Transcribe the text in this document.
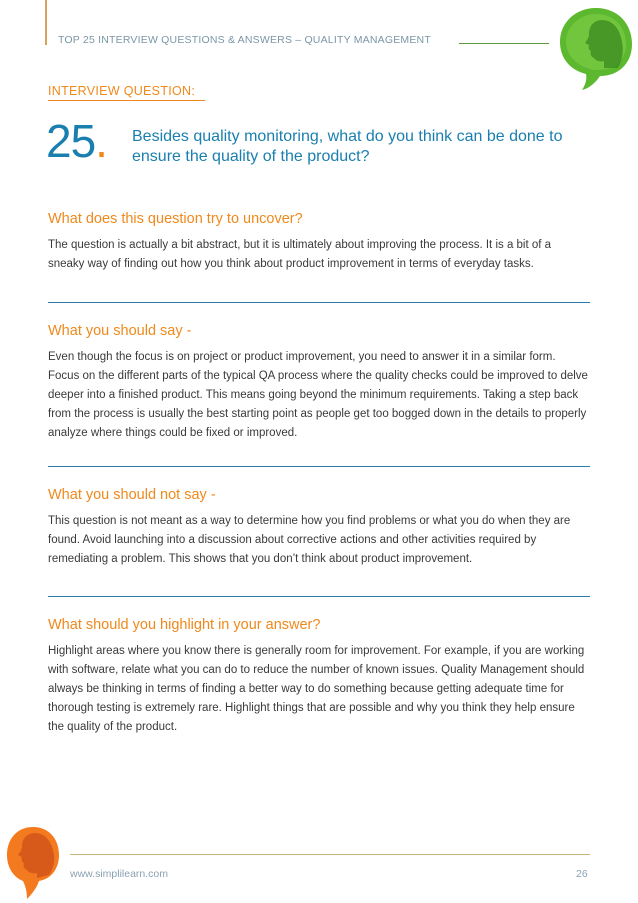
TOP 25 INTERVIEW QUESTIONS & ANSWERS – QUALITY MANAGEMENT
INTERVIEW QUESTION:
25. Besides quality monitoring, what do you think can be done to ensure the quality of the product?
What does this question try to uncover?

The question is actually a bit abstract, but it is ultimately about improving the process. It is a bit of a sneaky way of finding out how you think about product improvement in terms of everyday tasks.

What you should say -

Even though the focus is on project or product improvement, you need to answer it in a similar form. Focus on the different parts of the typical QA process where the quality checks could be improved to delve deeper into a finished product. This means going beyond the minimum requirements. Taking a step back from the process is usually the best starting point as people get too bogged down in the details to properly analyze where things could be fixed or improved.

What you should not say -

This question is not meant as a way to determine how you find problems or what you do when they are found. Avoid launching into a discussion about corrective actions and other activities required by remediating a problem. This shows that you don’t think about product improvement.

What should you highlight in your answer?

Highlight areas where you know there is generally room for improvement. For example, if you are working with software, relate what you can do to reduce the number of known issues. Quality Management should always be thinking in terms of finding a better way to do something because getting adequate time for thorough testing is extremely rare. Highlight things that are possible and why you think they help ensure the quality of the product.

www.simplilearn.com	26
